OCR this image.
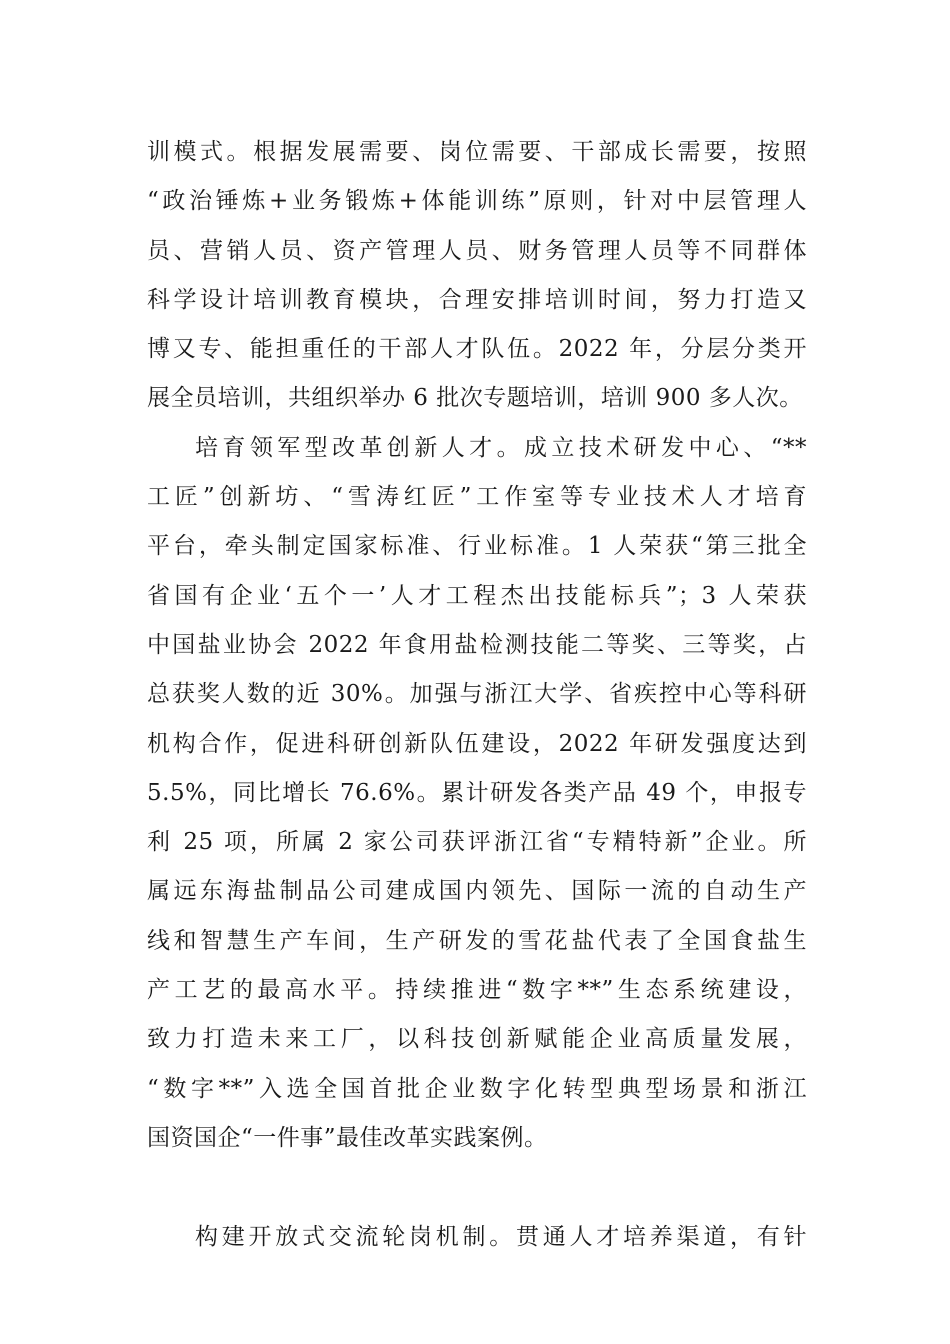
训模式。根据发展需要、岗位需要、干部成长需要，按照
“政治锤炼+业务锻炼+体能训练”原则，针对中层管理人
员、营销人员、资产管理人员、财务管理人员等不同群体
科学设计培训教育模块，合理安排培训时间，努力打造又
博又专、能担重任的干部人才队伍。2022 年，分层分类开
展全员培训，共组织举办 6 批次专题培训，培训 900 多人次。
培育领军型改革创新人才。成立技术研发中心、“**
工匠”创新坊、“雪涛红匠”工作室等专业技术人才培育
平台，牵头制定国家标准、行业标准。1 人荣获“第三批全
省国有企业‘五个一’人才工程杰出技能标兵”；3 人荣获
中国盐业协会 2022 年食用盐检测技能二等奖、三等奖，占
总获奖人数的近 30%。加强与浙江大学、省疾控中心等科研
机构合作，促进科研创新队伍建设，2022 年研发强度达到
5.5%，同比增长 76.6%。累计研发各类产品 49 个，申报专
利 25 项，所属 2 家公司获评浙江省“专精特新”企业。所
属远东海盐制品公司建成国内领先、国际一流的自动生产
线和智慧生产车间，生产研发的雪花盐代表了全国食盐生
产工艺的最高水平。持续推进“数字**”生态系统建设，
致力打造未来工厂，以科技创新赋能企业高质量发展，
“数字**”入选全国首批企业数字化转型典型场景和浙江
国资国企“一件事”最佳改革实践案例。
构建开放式交流轮岗机制。贯通人才培养渠道，有针
